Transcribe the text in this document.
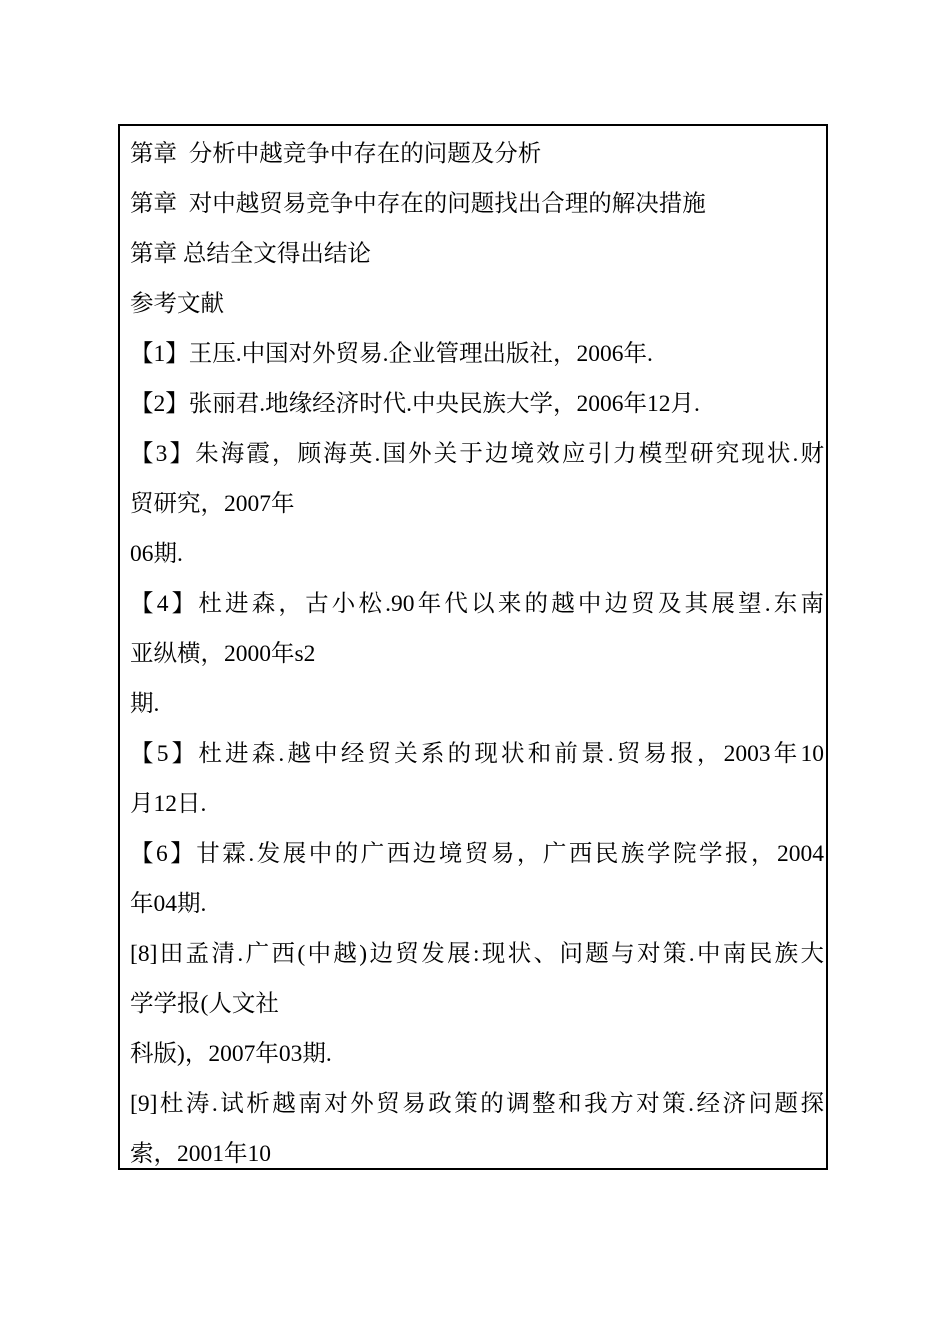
第章  分析中越竞争中存在的问题及分析
第章  对中越贸易竞争中存在的问题找出合理的解决措施
第章 总结全文得出结论
参考文献
【1】王压.中国对外贸易.企业管理出版社，2006年.
【2】张丽君.地缘经济时代.中央民族大学，2006年12月.
【3】朱海霞，顾海英.国外关于边境效应引力模型研究现状.财
贸研究，2007年
06期.
【4】杜进森，古小松.90年代以来的越中边贸及其展望.东南
亚纵横，2000年s2
期.
【5】杜进森.越中经贸关系的现状和前景.贸易报，2003年10
月12日.
【6】甘霖.发展中的广西边境贸易，广西民族学院学报，2004
年04期.
[8]田孟清.广西(中越)边贸发展:现状、问题与对策.中南民族大
学学报(人文社
科版)，2007年03期.
[9]杜涛.试析越南对外贸易政策的调整和我方对策.经济问题探
索，2001年10
